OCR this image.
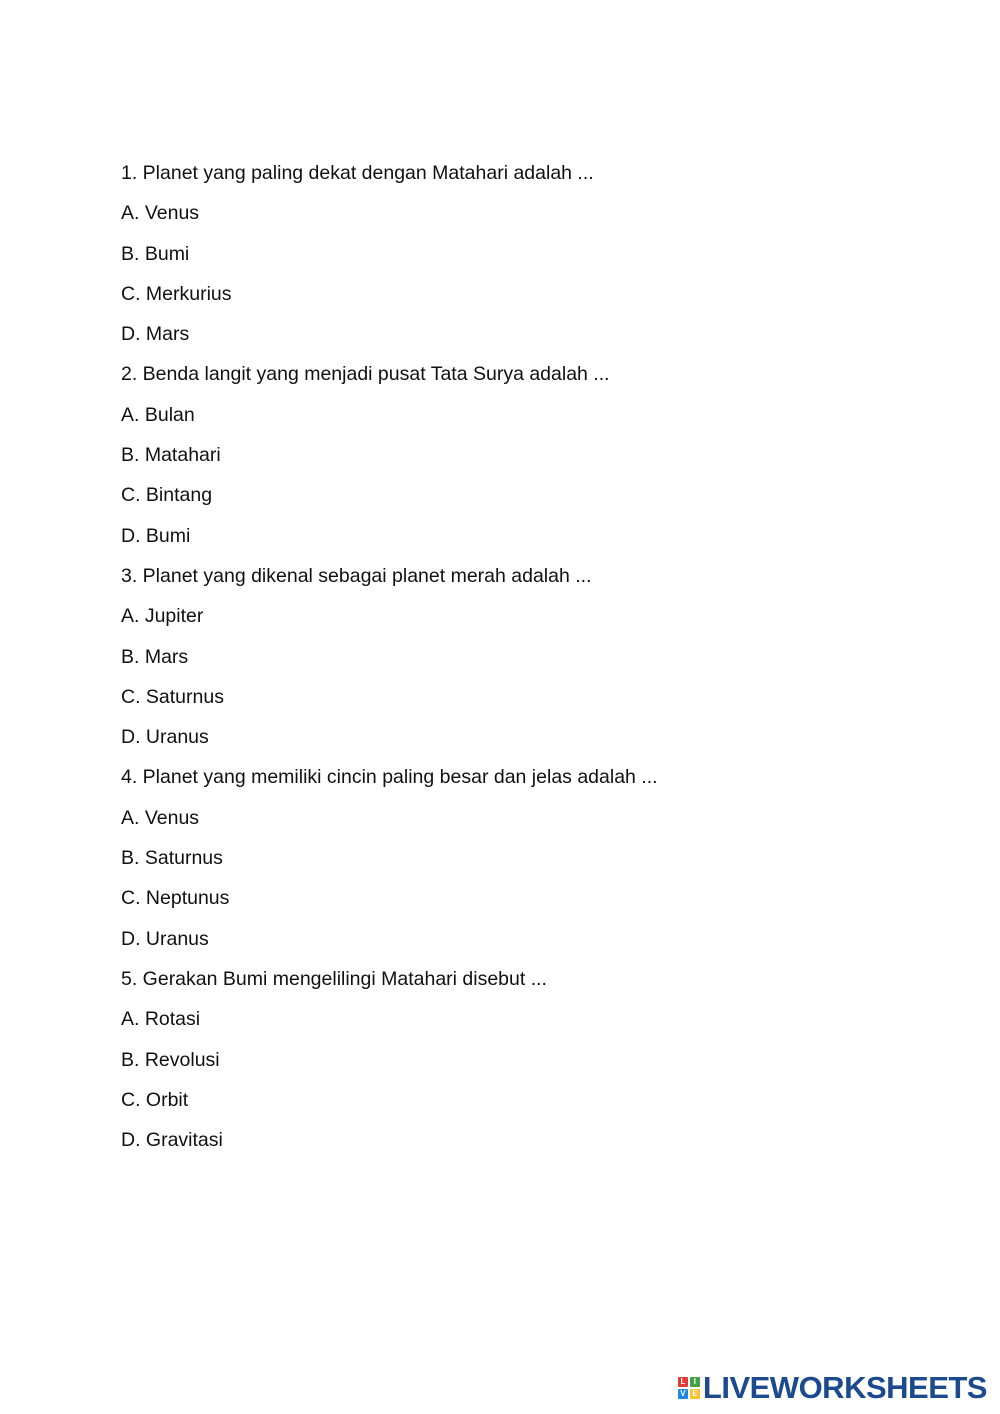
1. Planet yang paling dekat dengan Matahari adalah ...
A. Venus
B. Bumi
C. Merkurius
D. Mars
2. Benda langit yang menjadi pusat Tata Surya adalah ...
A. Bulan
B. Matahari
C. Bintang
D. Bumi
3. Planet yang dikenal sebagai planet merah adalah ...
A. Jupiter
B. Mars
C. Saturnus
D. Uranus
4. Planet yang memiliki cincin paling besar dan jelas adalah ...
A. Venus
B. Saturnus
C. Neptunus
D. Uranus
5. Gerakan Bumi mengelilingi Matahari disebut ...
A. Rotasi
B. Revolusi
C. Orbit
D. Gravitasi
L	I
V E LIVEWORKSHEETS
